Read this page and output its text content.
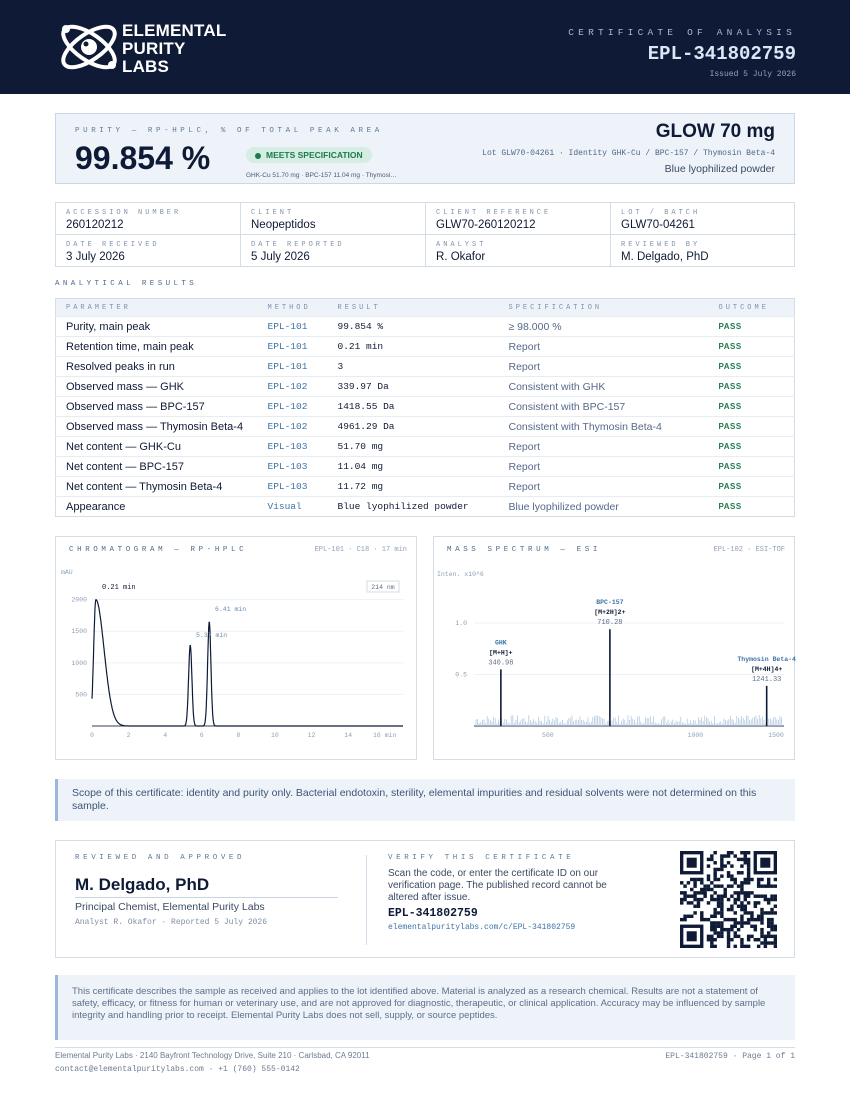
ELEMENTAL
PURITY
LABS
CERTIFICATE OF ANALYSIS
EPL-341802759
Issued 5 July 2026
PURITY — RP-HPLC, % OF TOTAL PEAK AREA
99.854 %	MEETS SPECIFICATION
GHK-Cu 51.70 mg · BPC-157 11.04 mg · Thymosi…
GLOW 70 mg
Lot GLW70-04261 · Identity GHK-Cu / BPC-157 / Thymosin Beta-4
Blue lyophilized powder
ACCESSION NUMBER
260120212
CLIENT
Neopeptidos
CLIENT REFERENCE
GLW70-260120212
LOT / BATCH
GLW70-04261
DATE RECEIVED
3 July 2026
DATE REPORTED
5 July 2026
ANALYST
R. Okafor
REVIEWED BY
M. Delgado, PhD
ANALYTICAL RESULTS
PARAMETER	METHOD	RESULT	SPECIFICATION	OUTCOME
Purity, main peak	EPL-101	99.854 %	≥ 98.000 %	PASS
Retention time, main peak	EPL-101	0.21 min	Report	PASS
Resolved peaks in run	EPL-101	3	Report	PASS
Observed mass — GHK	EPL-102	339.97 Da	Consistent with GHK	PASS
Observed mass — BPC-157	EPL-102	1418.55 Da	Consistent with BPC-157	PASS
Observed mass — Thymosin Beta-4	EPL-102	4961.29 Da	Consistent with Thymosin Beta-4	PASS
Net content — GHK-Cu	EPL-103	51.70 mg	Report	PASS
Net content — BPC-157	EPL-103	11.04 mg	Report	PASS
Net content — Thymosin Beta-4	EPL-103	11.72 mg	Report	PASS
Appearance	Visual	Blue lyophilized powder	Blue lyophilized powder	PASS
mAU
500
1000
1500
2000
0	2	4	6	8	10	12	14	16 min
0.21 min
5.37 min
6.41 min
214 nm
CHROMATOGRAM — RP-HPLC	EPL-101 · C18 · 17 min
Inten. x10^6
0.5
1.0
500	1000	1500
GHK
[M+H]+
340.98
BPC-157
[M+2H]2+
710.28
Thymosin Beta-4
[M+4H]4+
1241.33
MASS SPECTRUM — ESI	EPL-102 · ESI-TOF
Scope of this certificate: identity and purity only. Bacterial endotoxin, sterility, elemental impurities and residual solvents were not determined on this sample.
REVIEWED AND APPROVED
M. Delgado, PhD
Principal Chemist, Elemental Purity Labs
Analyst R. Okafor · Reported 5 July 2026
VERIFY THIS CERTIFICATE
Scan the code, or enter the certificate ID on our verification page. The published record cannot be altered after issue.
EPL-341802759
elementalpuritylabs.com/c/EPL-341802759
This certificate describes the sample as received and applies to the lot identified above. Material is analyzed as a research chemical. Results are not a statement of safety, efficacy, or fitness for human or veterinary use, and are not approved for diagnostic, therapeutic, or clinical application. Accuracy may be influenced by sample integrity and handling prior to receipt. Elemental Purity Labs does not sell, supply, or source peptides.
Elemental Purity Labs · 2140 Bayfront Technology Drive, Suite 210 · Carlsbad, CA 92011
contact@elementalpuritylabs.com · +1 (760) 555-0142
EPL-341802759 · Page 1 of 1
